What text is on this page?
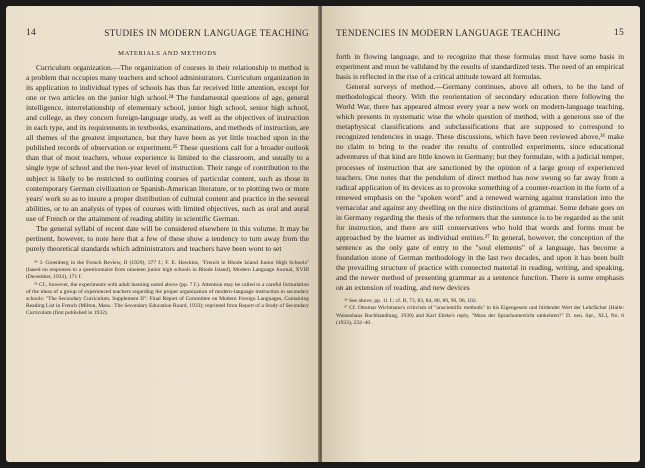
14	STUDIES IN MODERN LANGUAGE TEACHING
MATERIALS AND METHODS

Curriculum organization.—The organization of courses in their relationship to method is a problem that occupies many teachers and school administrators. Curriculum organization in its application to individual types of schools has thus far received little attention, except for one or two articles on the junior high school.²⁴ The fundamental questions of age, general intelligence, interrelationship of elementary school, junior high school, senior high school, and college, as they concern foreign-language study, as well as the objectives of instruction in each type, and its requirements in textbooks, examinations, and methods of instruction, are all themes of the greatest importance, but they have been as yet little touched upon in the published records of observation or experiment.²⁵ These questions call for a broader outlook than that of most teachers, whose experience is limited to the classroom, and usually to a single type of school and the two-year level of instruction. Their range of contribution to the subject is likely to be restricted to outlining courses of particular content, such as those in contemporary German civilization or Spanish-American literature, or to plotting two or more years' work so as to insure a proper distribution of cultural content and practice in the several abilities, or to an analysis of types of courses with limited objectives, such as oral and aural use of French or the attainment of reading ability in scientific German.

The general syllabi of recent date will be considered elsewhere in this volume. It may be pertinent, however, to note here that a few of these show a tendency to turn away from the purely theoretical standards which administrators and teachers have been wont to set

²⁴ J. Greenberg in the French Review, II (1929), 377 f.; F. E. Hawkins, "French in Rhode Island Junior High Schools" (based on responses to a questionnaire from nineteen junior high schools in Rhode Island), Modern Language Journal, XVIII (December, 1933), 171 f.

²⁵ Cf., however, the experiments with adult learning noted above (pp. 7 f.). Attention may be called to a careful formulation of the ideas of a group of experienced teachers regarding the proper organization of modern-language instruction in secondary schools: "The Secondary Curriculum, Supplement II": Final Report of Committee on Modern Foreign Languages, Containing Reading List in French (Milton, Mass.: The Secondary Education Board, 1933); reprinted from Report of a Study of Secondary Curriculum (first published in 1932).

TENDENCIES IN MODERN LANGUAGE TEACHING	15

forth in flowing language, and to recognize that these formulas must have some basis in experiment and must be validated by the results of standardized tests. The need of an empirical basis is reflected in the rise of a critical attitude toward all formulas.

General surveys of method.—Germany continues, above all others, to be the land of methodological theory. With the reorientation of secondary education there following the World War, there has appeared almost every year a new work on modern-language teaching, which presents in systematic wise the whole question of method, with a generous use of the metaphysical classifications and subclassifications that are supposed to correspond to recognized tendencies in usage. These discussions, which have been reviewed above,²⁶ make no claim to bring to the reader the results of controlled experiments, since educational adventures of that kind are little known in Germany; but they formulate, with a judicial temper, processes of instruction that are sanctioned by the opinion of a large group of experienced teachers. One notes that the pendulum of direct method has now swung so far away from a radical application of its devices as to provoke something of a counter-reaction in the form of a renewed emphasis on the "spoken word" and a renewed warning against translation into the vernacular and against any dwelling on the nice distinctions of grammar. Some debate goes on in Germany regarding the thesis of the reformers that the sentence is to be regarded as the unit for instruction, and there are still conservatives who hold that words and forms must be approached by the learner as individual entities.²⁷ In general, however, the conception of the sentence as the only gate of entry to the "soul elements" of a language, has become a foundation stone of German methodology in the last two decades, and upon it has been built the prevailing structure of practice with connected material in reading, writing, and speaking, and the newer method of presenting grammar as a sentence function. There is some emphasis on an extension of reading, and new devices

²⁶ See above, pp. 11 f.; cf. B, 73, 83, 84, 86, 89, 90, 96, 102.

²⁷ Cf. Ottomar Wichmann's criticism of "unscientific methods" in his Eigengesetz und bildender Wert der Lehrfächer (Halle: Waisenhaus Buchhandlung, 1930) and Karl Ehrke's reply, "Muss der Sprachunterricht umkehren?" D. neu. Spr., XLI, No. 6 (1933), 232–40.
